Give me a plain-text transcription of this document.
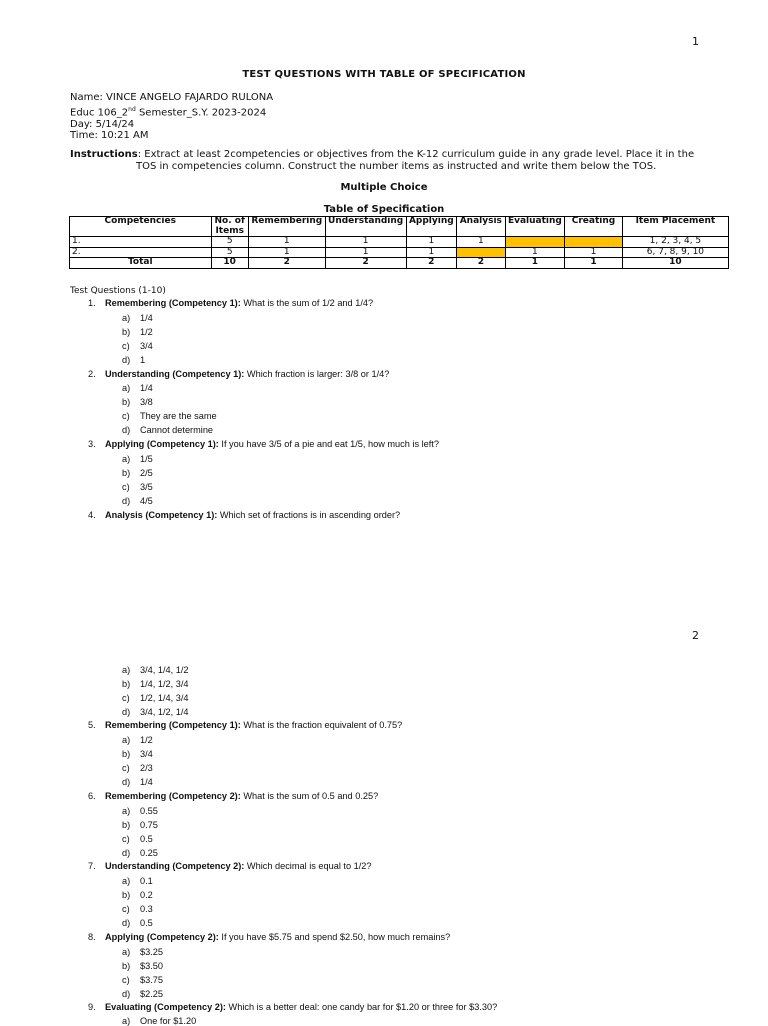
1
TEST QUESTIONS WITH TABLE OF SPECIFICATION
Name: VINCE ANGELO FAJARDO RULONA
Educ 106_2nd Semester_S.Y. 2023-2024
Day: 5/14/24
Time: 10:21 AM
Instructions: Extract at least 2competencies or objectives from the K-12 curriculum guide in any grade level. Place it in the
TOS in competencies column. Construct the number items as instructed and write them below the TOS.
Multiple Choice
Table of Specification
Competencies	No. of Items	Remembering	Understanding	Applying	Analysis	Evaluating	Creating	Item Placement
1.	5	1	1	1	1			1, 2, 3, 4, 5
2.	5	1	1	1		1	1	6, 7, 8, 9, 10
Total	10	2	2	2	2	1	1	10
Test Questions (1-10)
1. Remembering (Competency 1): What is the sum of 1/2 and 1/4?
a) 1/4
b) 1/2
c) 3/4
d) 1
2. Understanding (Competency 1): Which fraction is larger: 3/8 or 1/4?
a) 1/4
b) 3/8
c) They are the same
d) Cannot determine
3. Applying (Competency 1): If you have 3/5 of a pie and eat 1/5, how much is left?
a) 1/5
b) 2/5
c) 3/5
d) 4/5
4. Analysis (Competency 1): Which set of fractions is in ascending order?
2
a) 3/4, 1/4, 1/2
b) 1/4, 1/2, 3/4
c) 1/2, 1/4, 3/4
d) 3/4, 1/2, 1/4
5. Remembering (Competency 1): What is the fraction equivalent of 0.75?
a) 1/2
b) 3/4
c) 2/3
d) 1/4
6. Remembering (Competency 2): What is the sum of 0.5 and 0.25?
a) 0.55
b) 0.75
c) 0.5
d) 0.25
7. Understanding (Competency 2): Which decimal is equal to 1/2?
a) 0.1
b) 0.2
c) 0.3
d) 0.5
8. Applying (Competency 2): If you have $5.75 and spend $2.50, how much remains?
a) $3.25
b) $3.50
c) $3.75
d) $2.25
9. Evaluating (Competency 2): Which is a better deal: one candy bar for $1.20 or three for $3.30?
a) One for $1.20
